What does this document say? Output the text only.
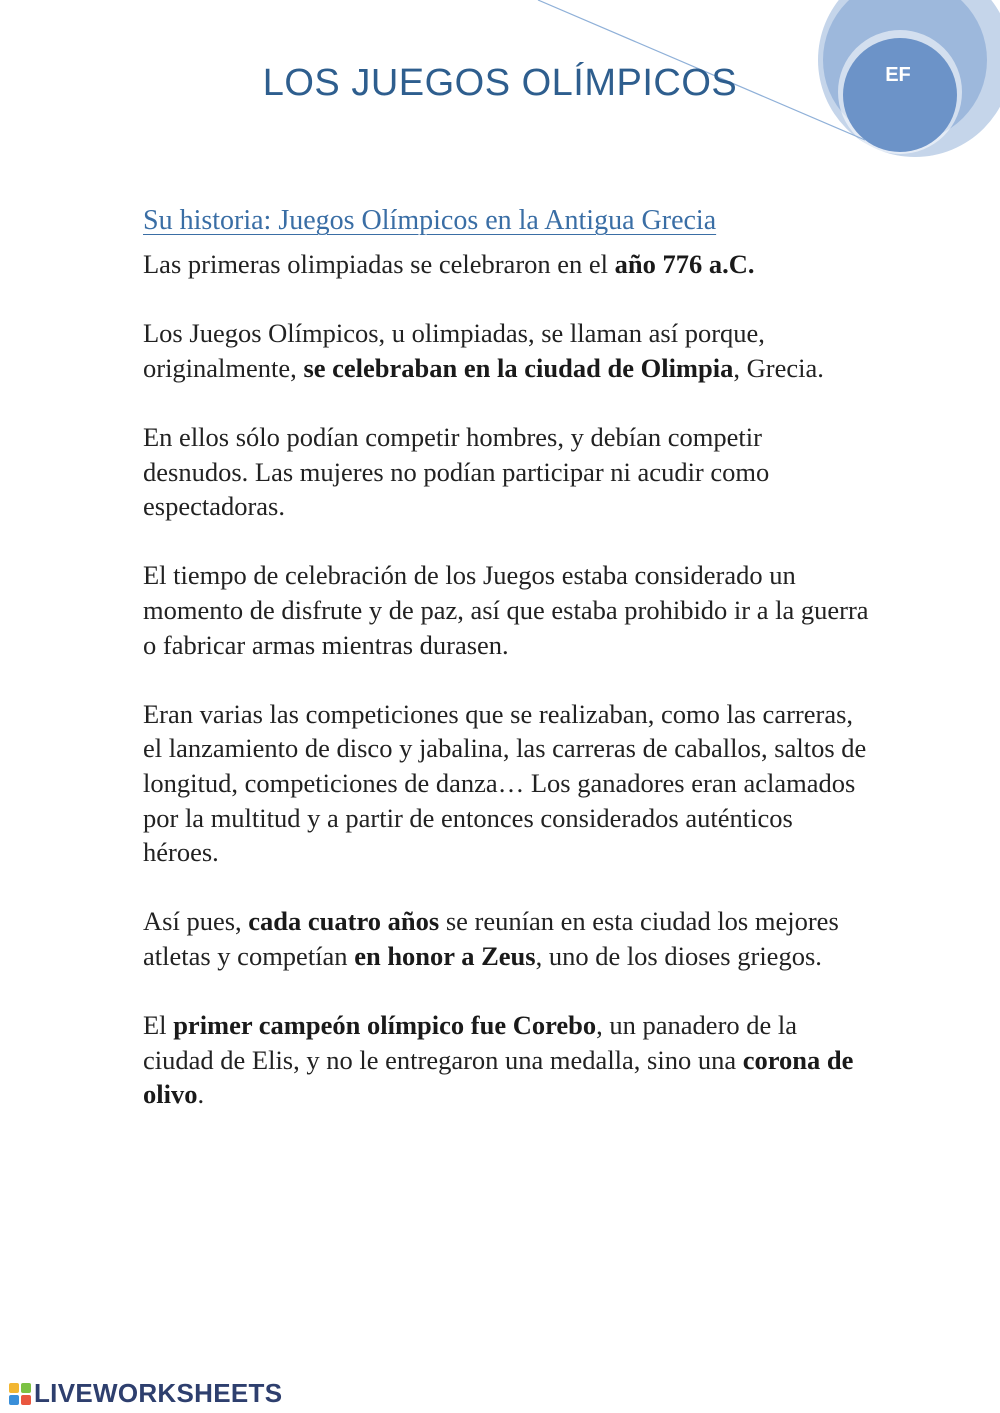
LOS JUEGOS OLÍMPICOS	EF
Su historia: Juegos Olímpicos en la Antigua Grecia

Las primeras olimpiadas se celebraron en el año 776 a.C.

Los Juegos Olímpicos, u olimpiadas, se llaman así porque, originalmente, se celebraban en la ciudad de Olimpia, Grecia.

En ellos sólo podían competir hombres, y debían competir desnudos. Las mujeres no podían participar ni acudir como espectadoras.

El tiempo de celebración de los Juegos estaba considerado un momento de disfrute y de paz, así que estaba prohibido ir a la guerra o fabricar armas mientras durasen.

Eran varias las competiciones que se realizaban, como las carreras, el lanzamiento de disco y jabalina, las carreras de caballos, saltos de longitud, competiciones de danza… Los ganadores eran aclamados por la multitud y a partir de entonces considerados auténticos héroes.

Así pues, cada cuatro años se reunían en esta ciudad los mejores atletas y competían en honor a Zeus, uno de los dioses griegos.

El primer campeón olímpico fue Corebo, un panadero de la ciudad de Elis, y no le entregaron una medalla, sino una corona de olivo.

LIVEWORKSHEETS
